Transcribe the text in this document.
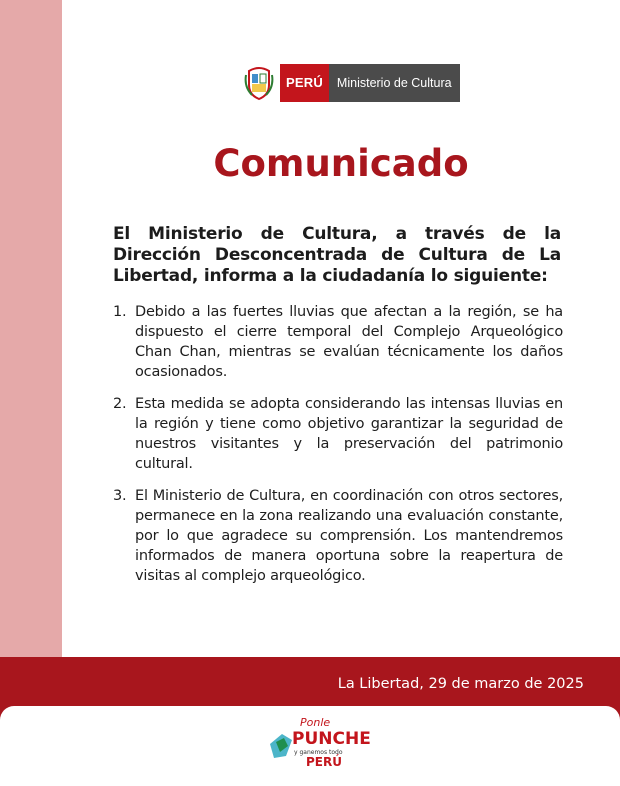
PERÚ	Ministerio de Cultura
Comunicado
El Ministerio de Cultura, a través de la Dirección Desconcentrada de Cultura de La Libertad, informa a la ciudadanía lo siguiente:
1. Debido a las fuertes lluvias que afectan a la región, se ha dispuesto el cierre temporal del Complejo Arqueológico Chan Chan, mientras se evalúan técnicamente los daños ocasionados.
2. Esta medida se adopta considerando las intensas lluvias en la región y tiene como objetivo garantizar la seguridad de nuestros visitantes y la preservación del patrimonio cultural.
3. El Ministerio de Cultura, en coordinación con otros sectores, permanece en la zona realizando una evaluación constante, por lo que agradece su comprensión. Los mantendremos informados de manera oportuna sobre la reapertura de visitas al complejo arqueológico.
La Libertad, 29 de marzo de 2025
Ponle
PUNCHE
y ganemos todo
PERÚ
